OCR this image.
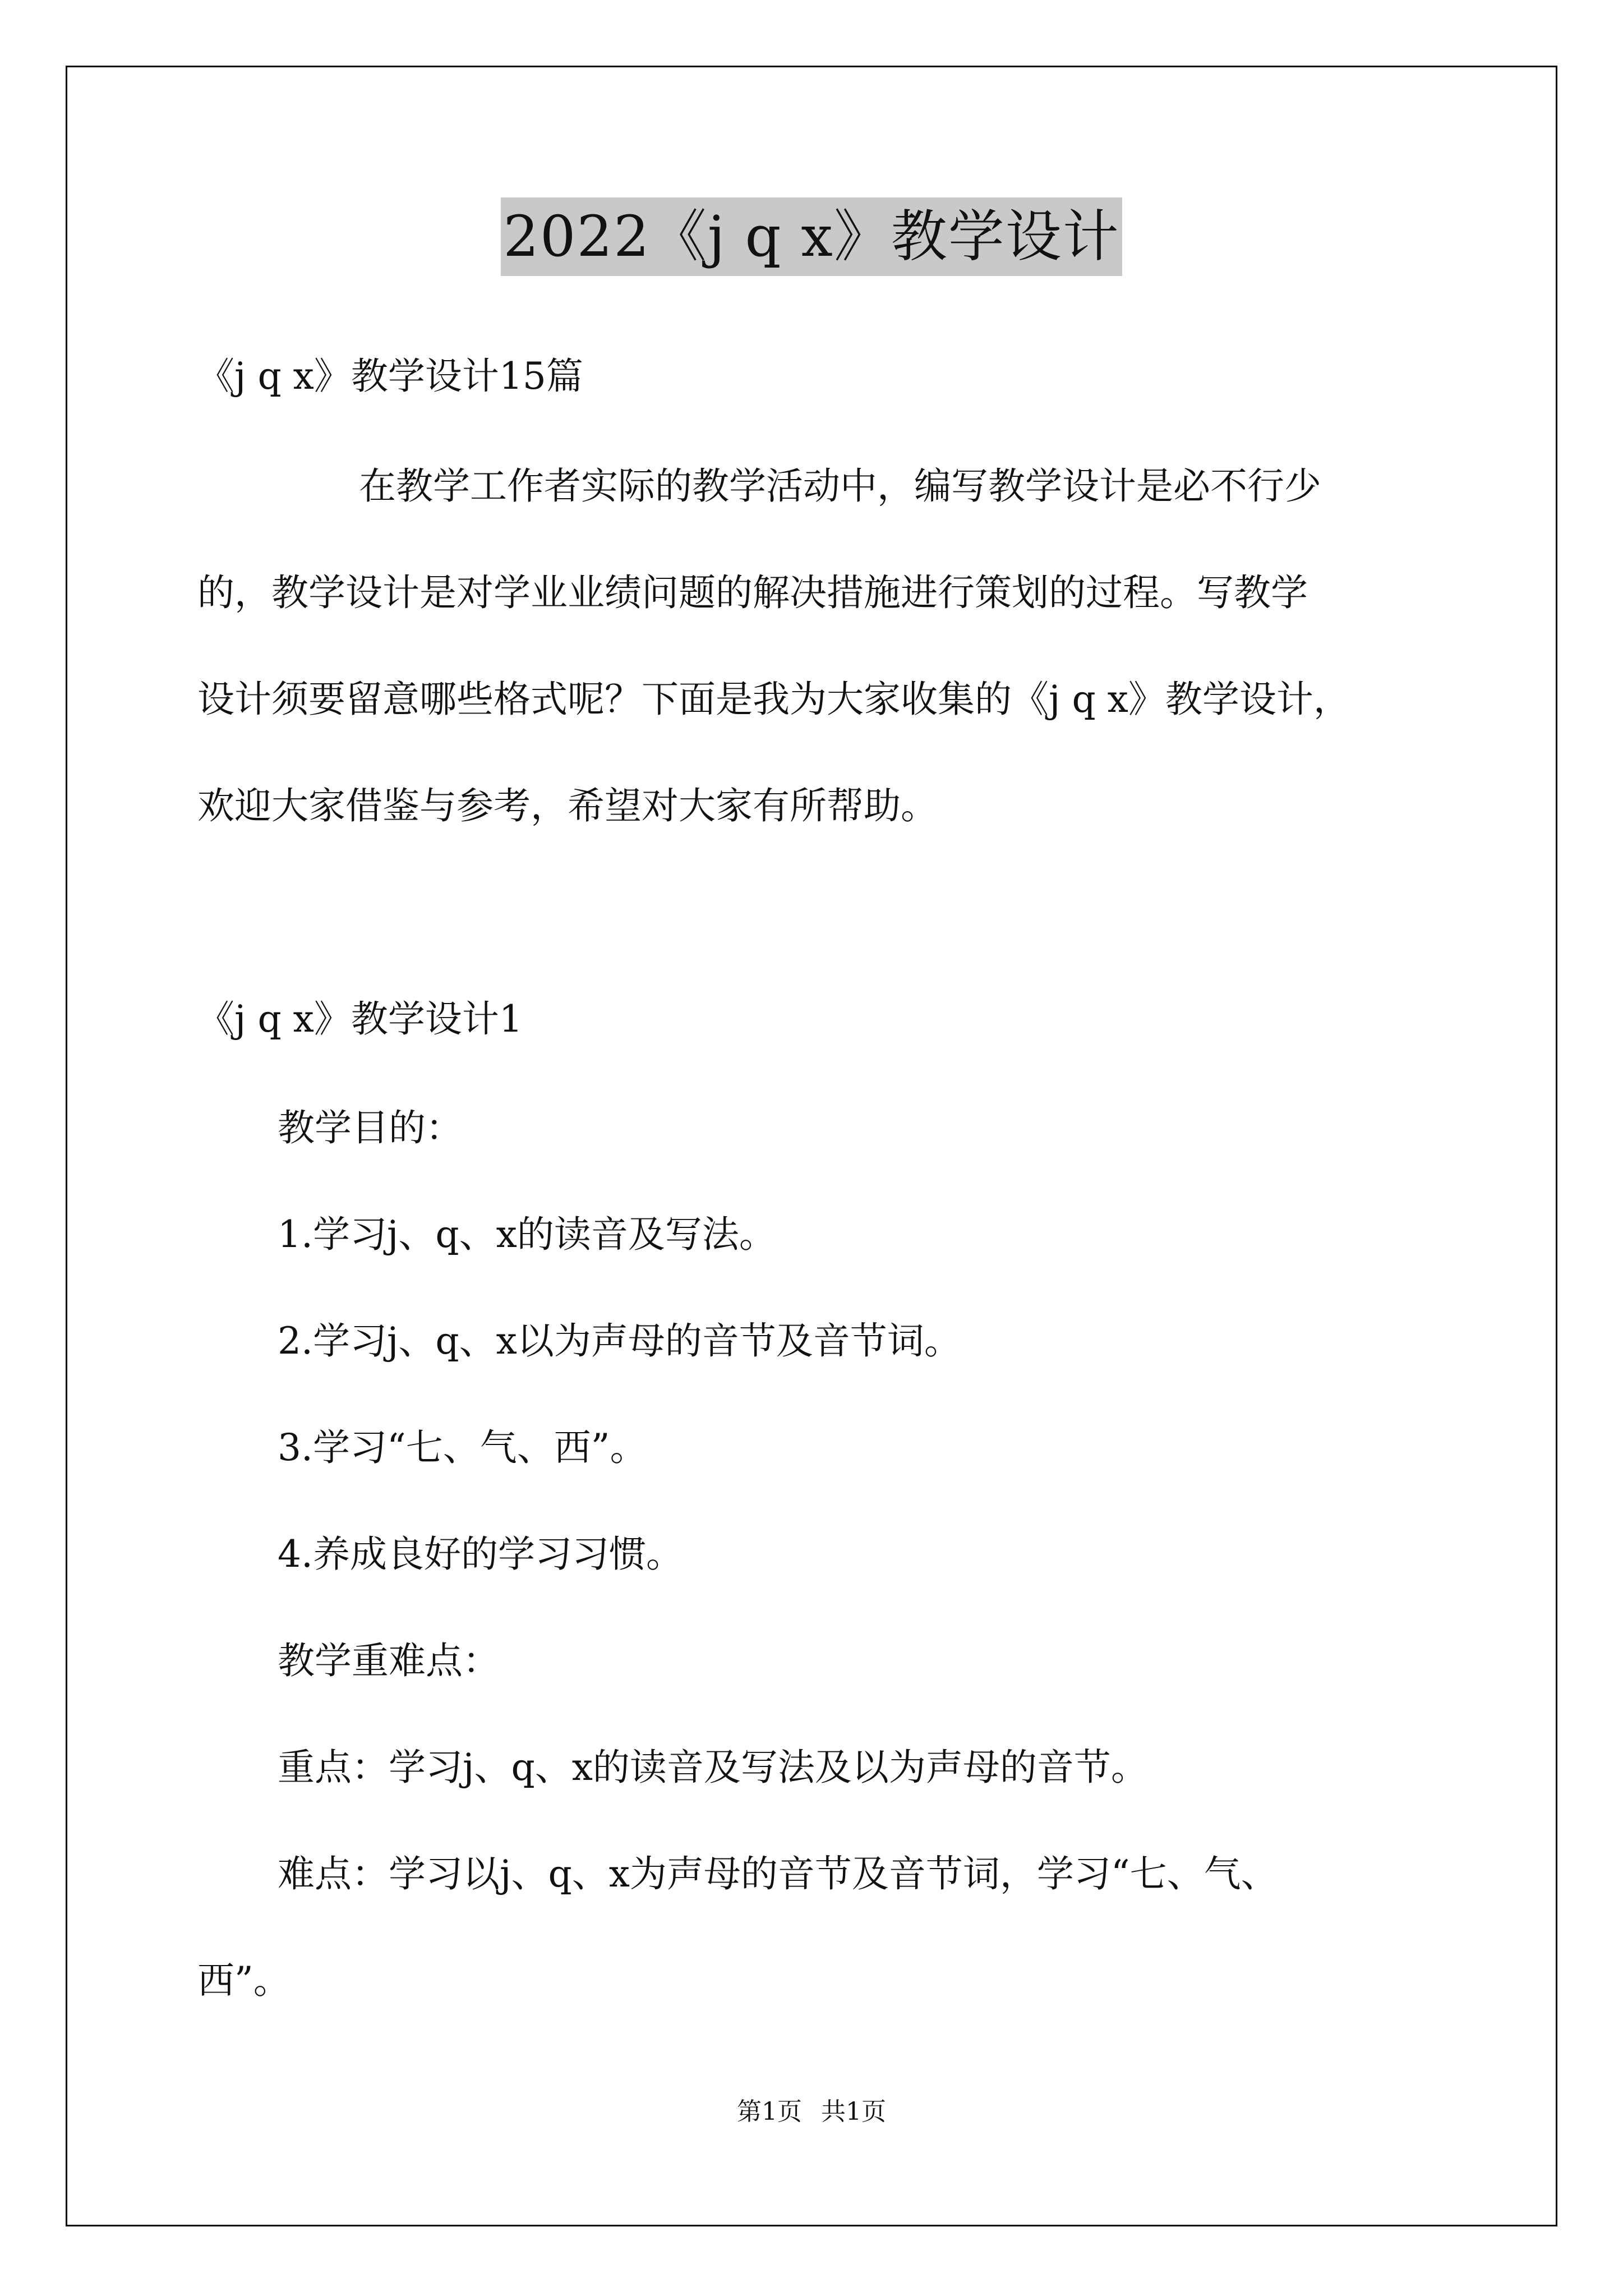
2022《j q x》教学设计
《j q x》教学设计15篇
在教学工作者实际的教学活动中，编写教学设计是必不行少
的，教学设计是对学业业绩问题的解决措施进行策划的过程。写教学
设计须要留意哪些格式呢？下面是我为大家收集的《j q x》教学设计，
欢迎大家借鉴与参考，希望对大家有所帮助。
《j q x》教学设计1
教学目的：
1.学习j、q、x的读音及写法。
2.学习j、q、x以为声母的音节及音节词。
3.学习“七、气、西”。
4.养成良好的学习习惯。
教学重难点：
重点：学习j、q、x的读音及写法及以为声母的音节。
难点：学习以j、q、x为声母的音节及音节词，学习“七、气、
西”。
第1页 共1页
